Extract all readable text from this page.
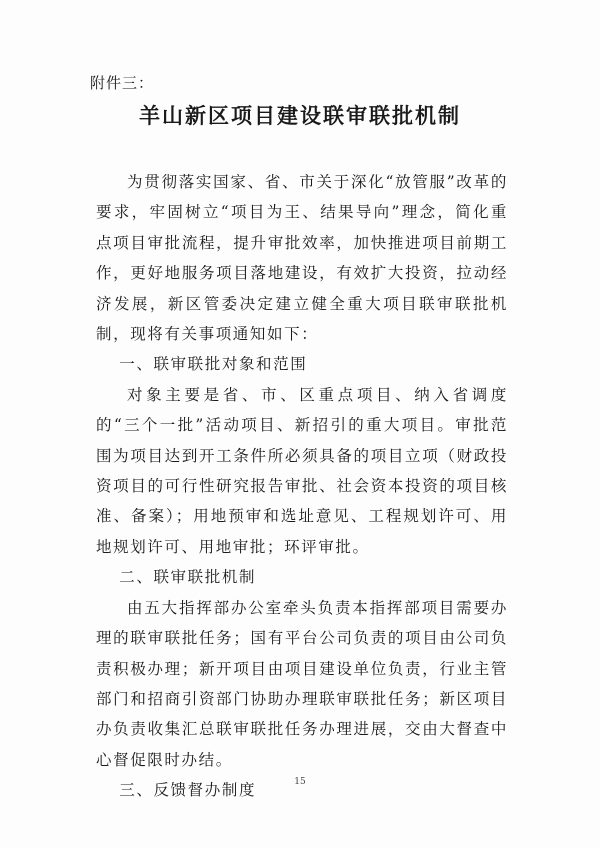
附件三：
羊山新区项目建设联审联批机制

为贯彻落实国家、省、市关于深化“放管服”改革的要求，牢固树立“项目为王、结果导向”理念，简化重点项目审批流程，提升审批效率，加快推进项目前期工作，更好地服务项目落地建设，有效扩大投资，拉动经济发展，新区管委决定建立健全重大项目联审联批机制，现将有关事项通知如下：

一、联审联批对象和范围

对象主要是省、市、区重点项目、纳入省调度的“三个一批”活动项目、新招引的重大项目。审批范围为项目达到开工条件所必须具备的项目立项（财政投资项目的可行性研究报告审批、社会资本投资的项目核准、备案）；用地预审和选址意见、工程规划许可、用地规划许可、用地审批；环评审批。

二、联审联批机制

由五大指挥部办公室牵头负责本指挥部项目需要办理的联审联批任务；国有平台公司负责的项目由公司负责积极办理；新开项目由项目建设单位负责，行业主管部门和招商引资部门协助办理联审联批任务；新区项目办负责收集汇总联审联批任务办理进展，交由大督查中心督促限时办结。

三、反馈督办制度	15
